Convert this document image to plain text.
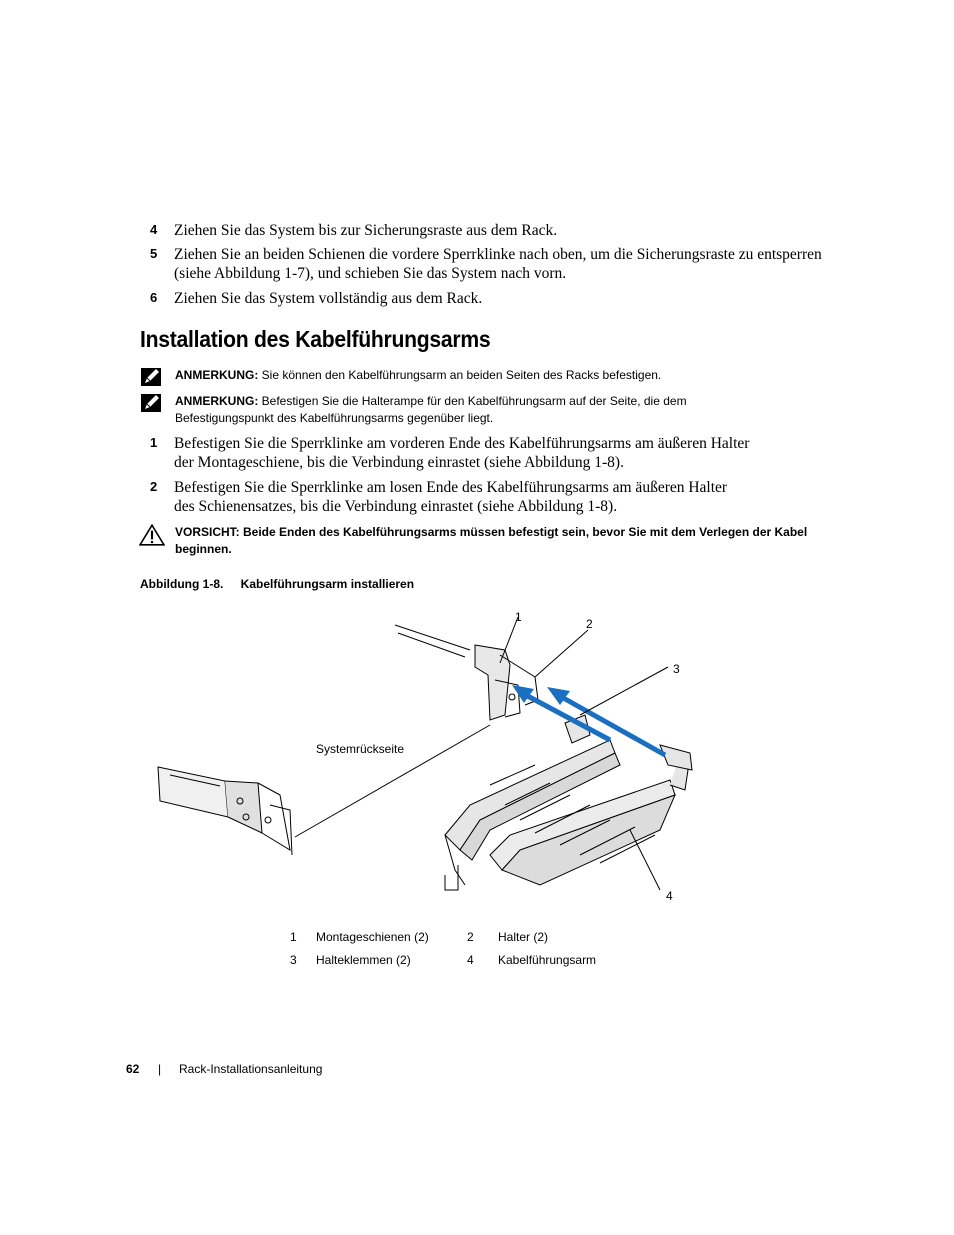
4 Ziehen Sie das System bis zur Sicherungsraste aus dem Rack.
5 Ziehen Sie an beiden Schienen die vordere Sperrklinke nach oben, um die Sicherungsraste zu entsperren
(siehe Abbildung 1-7), und schieben Sie das System nach vorn.
6 Ziehen Sie das System vollständig aus dem Rack.
Installation des Kabelführungsarms
ANMERKUNG: Sie können den Kabelführungsarm an beiden Seiten des Racks befestigen.
ANMERKUNG: Befestigen Sie die Halterampe für den Kabelführungsarm auf der Seite, die dem
Befestigungspunkt des Kabelführungsarms gegenüber liegt.
1 Befestigen Sie die Sperrklinke am vorderen Ende des Kabelführungsarms am äußeren Halter
der Montageschiene, bis die Verbindung einrastet (siehe Abbildung 1-8).
2 Befestigen Sie die Sperrklinke am losen Ende des Kabelführungsarms am äußeren Halter
des Schienensatzes, bis die Verbindung einrastet (siehe Abbildung 1-8).
VORSICHT: Beide Enden des Kabelführungsarms müssen befestigt sein, bevor Sie mit dem Verlegen der Kabel
beginnen.
Abbildung 1-8. Kabelführungsarm installieren
1	2
3
4
Systemrückseite
1 Montageschienen (2)	2 Halter (2)
3 Halteklemmen (2)	4 Kabelführungsarm
62 | Rack-Installationsanleitung
